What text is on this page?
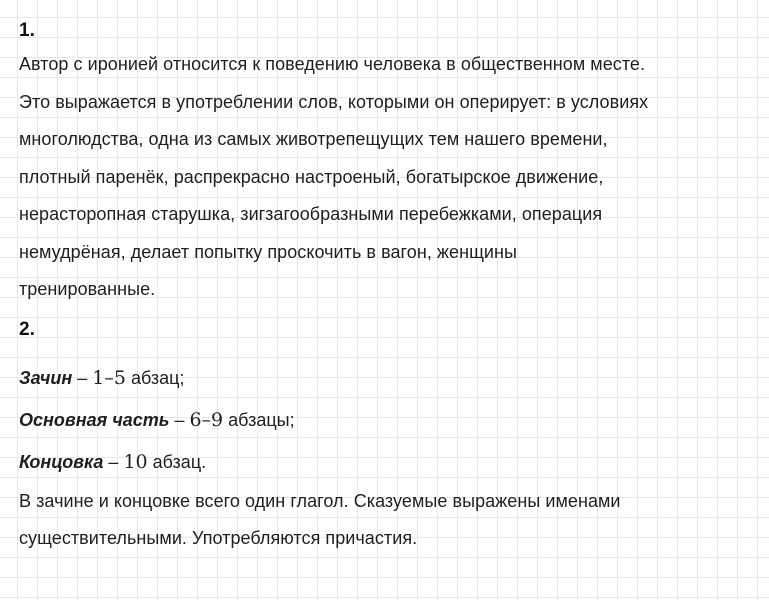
1.
Автор с иронией относится к поведению человека в общественном месте.
Это выражается в употреблении слов, которыми он оперирует: в условиях
многолюдства, одна из самых животрепещущих тем нашего времени,
плотный паренёк, распрекрасно настроеный, богатырское движение,
нерасторопная старушка, зигзагообразными перебежками, операция
немудрёная, делает попытку проскочить в вагон, женщины
тренированные.
2.
Зачин – 1–5 абзац;
Основная часть – 6–9 абзацы;
Концовка – 10 абзац.
В зачине и концовке всего один глагол. Сказуемые выражены именами
существительными. Употребляются причастия.
